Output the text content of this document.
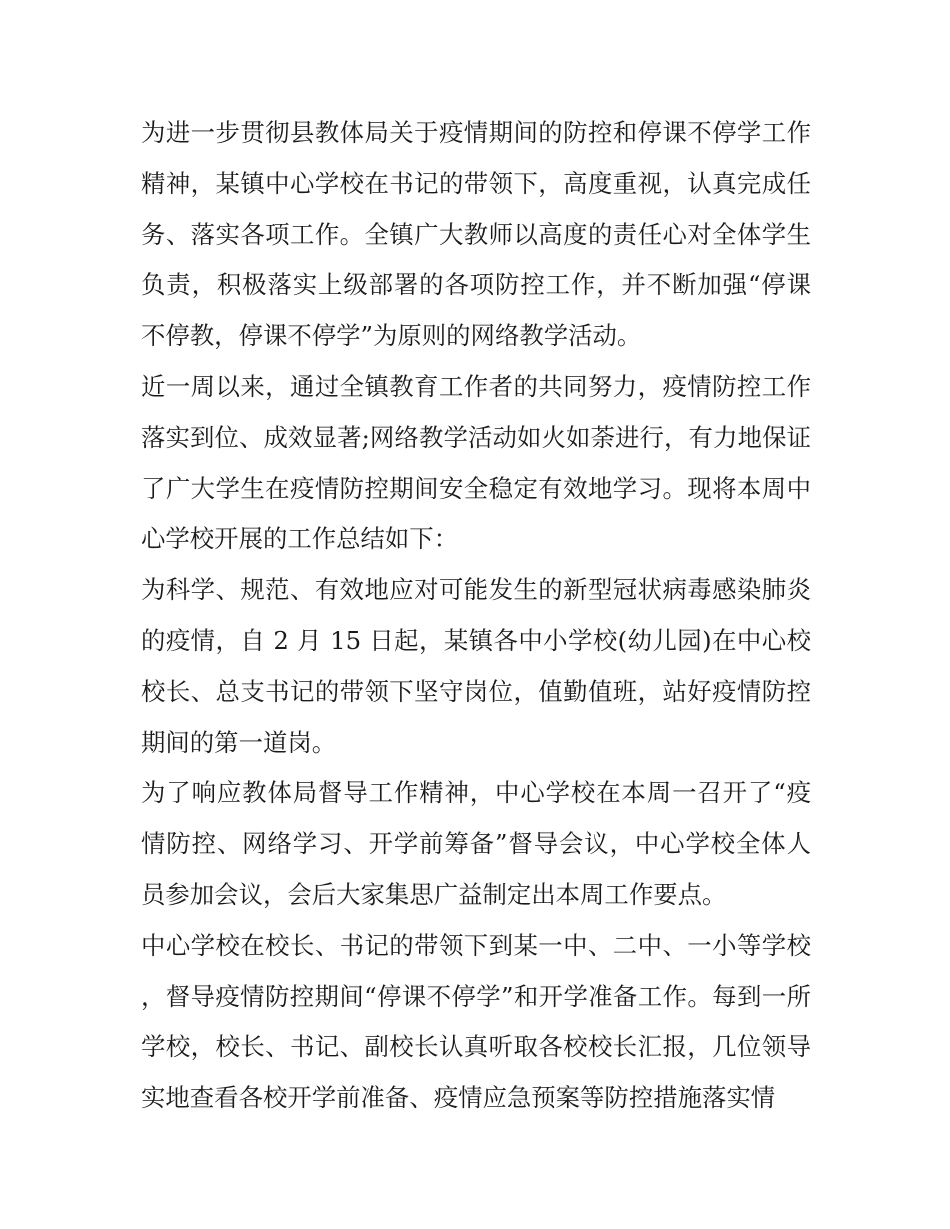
为进一步贯彻县教体局关于疫情期间的防控和停课不停学工作精神，某镇中心学校在书记的带领下，高度重视，认真完成任务、落实各项工作。全镇广大教师以高度的责任心对全体学生负责，积极落实上级部署的各项防控工作，并不断加强“停课不停教，停课不停学”为原则的网络教学活动。

近一周以来，通过全镇教育工作者的共同努力，疫情防控工作落实到位、成效显著;网络教学活动如火如荼进行，有力地保证了广大学生在疫情防控期间安全稳定有效地学习。现将本周中心学校开展的工作总结如下：

为科学、规范、有效地应对可能发生的新型冠状病毒感染肺炎的疫情，自 2 月 15 日起，某镇各中小学校(幼儿园)在中心校校长、总支书记的带领下坚守岗位，值勤值班，站好疫情防控期间的第一道岗。

为了响应教体局督导工作精神，中心学校在本周一召开了“疫情防控、网络学习、开学前筹备”督导会议，中心学校全体人员参加会议，会后大家集思广益制定出本周工作要点。

中心学校在校长、书记的带领下到某一中、二中、一小等学校，督导疫情防控期间“停课不停学”和开学准备工作。每到一所学校，校长、书记、副校长认真听取各校校长汇报，几位领导实地查看各校开学前准备、疫情应急预案等防控措施落实情
